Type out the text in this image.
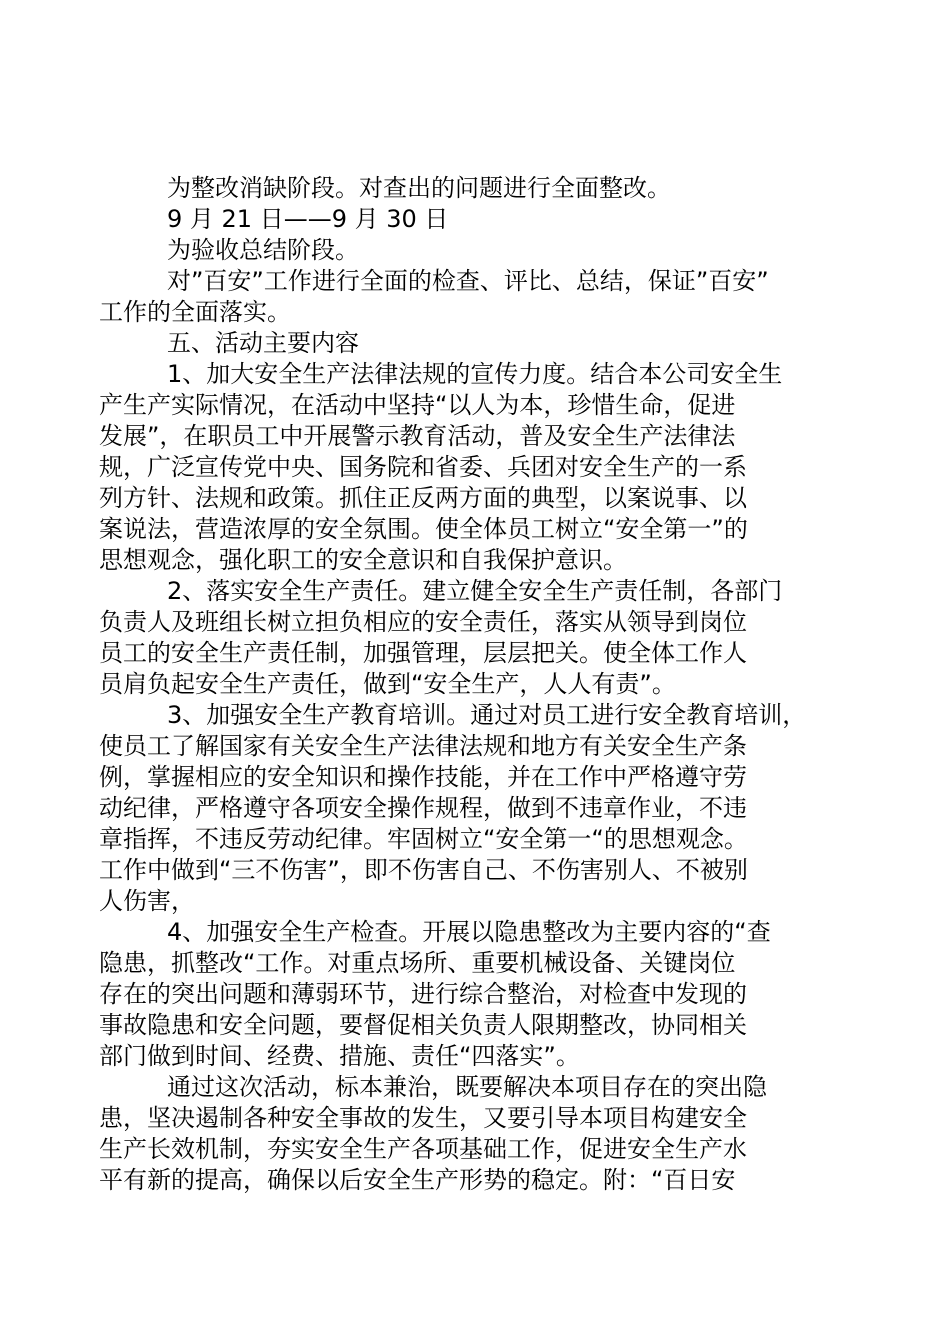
为整改消缺阶段。对查出的问题进行全面整改。
9 月 21 日——9 月 30 日
为验收总结阶段。
对”百安”工作进行全面的检查、评比、总结，保证”百安”
工作的全面落实。
五、活动主要内容
1、加大安全生产法律法规的宣传力度。结合本公司安全生
产生产实际情况，在活动中坚持“以人为本，珍惜生命，促进
发展”，在职员工中开展警示教育活动，普及安全生产法律法
规，广泛宣传党中央、国务院和省委、兵团对安全生产的一系
列方针、法规和政策。抓住正反两方面的典型，以案说事、以
案说法，营造浓厚的安全氛围。使全体员工树立“安全第一”的
思想观念，强化职工的安全意识和自我保护意识。
2、落实安全生产责任。建立健全安全生产责任制，各部门
负责人及班组长树立担负相应的安全责任，落实从领导到岗位
员工的安全生产责任制，加强管理，层层把关。使全体工作人
员肩负起安全生产责任，做到“安全生产，人人有责”。
3、加强安全生产教育培训。通过对员工进行安全教育培训，
使员工了解国家有关安全生产法律法规和地方有关安全生产条
例，掌握相应的安全知识和操作技能，并在工作中严格遵守劳
动纪律，严格遵守各项安全操作规程，做到不违章作业，不违
章指挥，不违反劳动纪律。牢固树立“安全第一“的思想观念。
工作中做到“三不伤害”，即不伤害自己、不伤害别人、不被别
人伤害，
4、加强安全生产检查。开展以隐患整改为主要内容的“查
隐患，抓整改“工作。对重点场所、重要机械设备、关键岗位
存在的突出问题和薄弱环节，进行综合整治，对检查中发现的
事故隐患和安全问题，要督促相关负责人限期整改，协同相关
部门做到时间、经费、措施、责任“四落实”。
通过这次活动，标本兼治，既要解决本项目存在的突出隐
患，坚决遏制各种安全事故的发生，又要引导本项目构建安全
生产长效机制，夯实安全生产各项基础工作，促进安全生产水
平有新的提高，确保以后安全生产形势的稳定。附：“百日安
